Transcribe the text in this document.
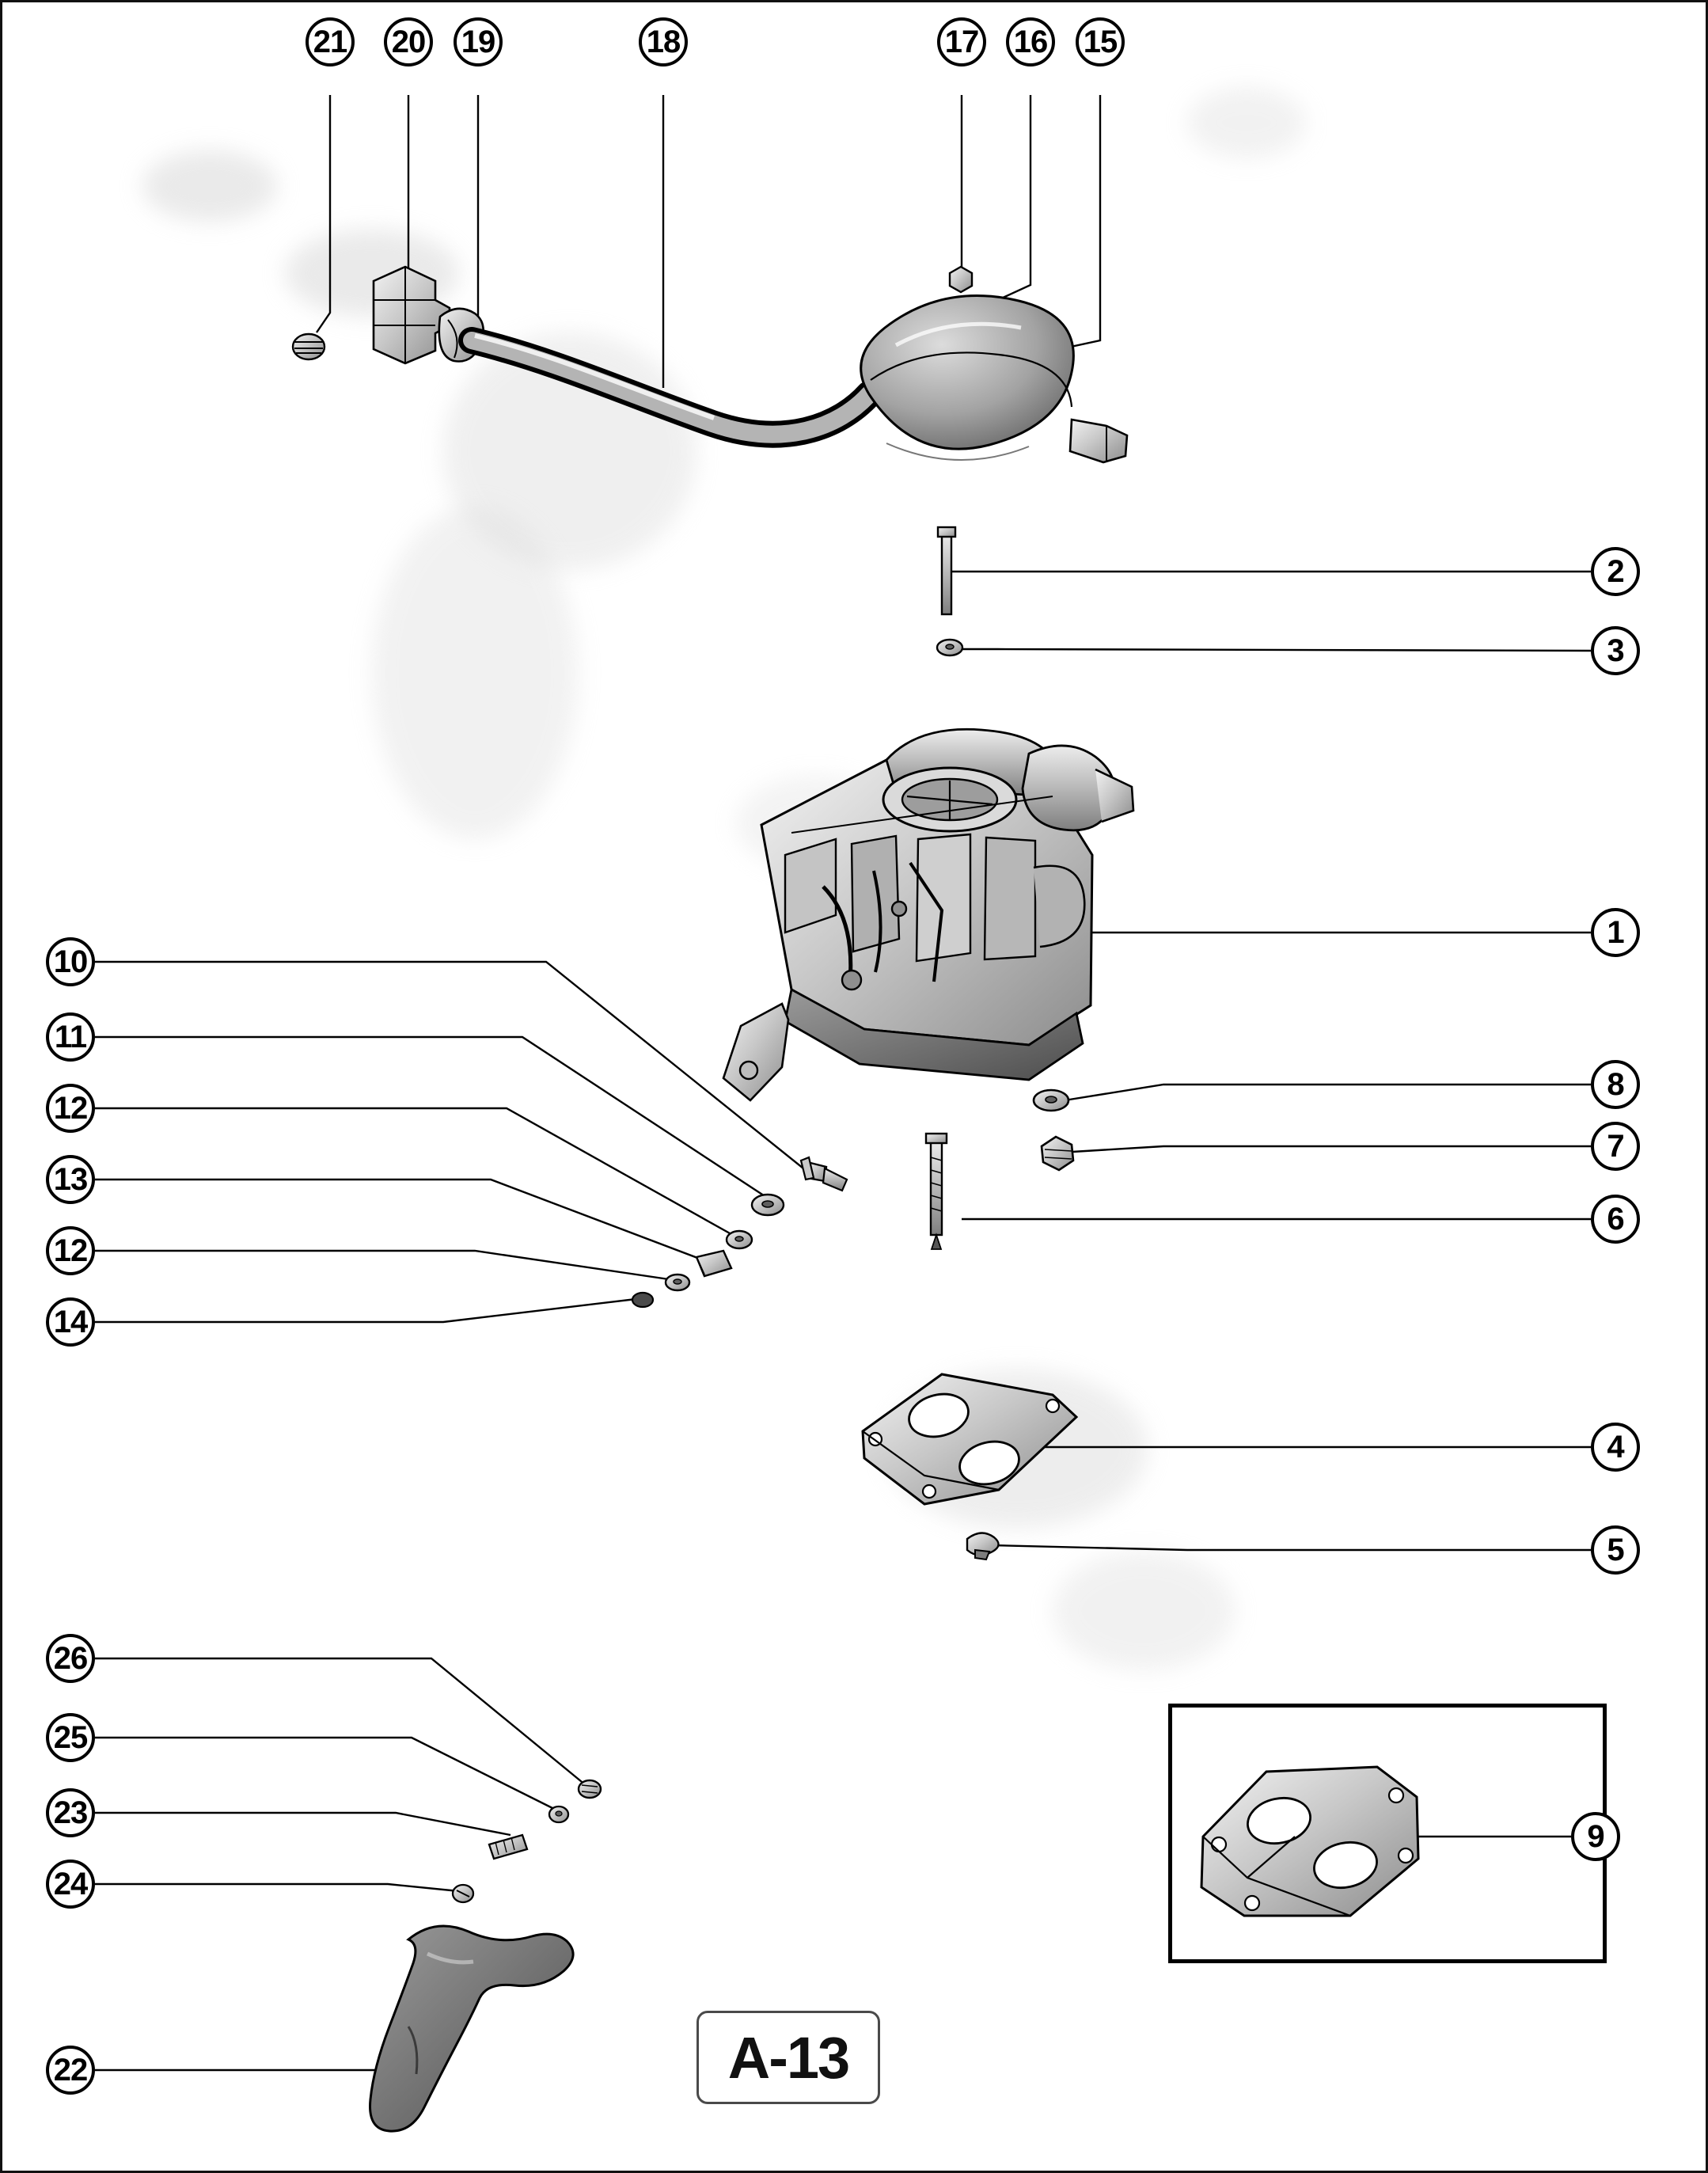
21 20 19	18	17 16 15
2
3
1
8
7
6
4
5
10
11
12
13
12
14
26
25
23
24
22
9
A-13
